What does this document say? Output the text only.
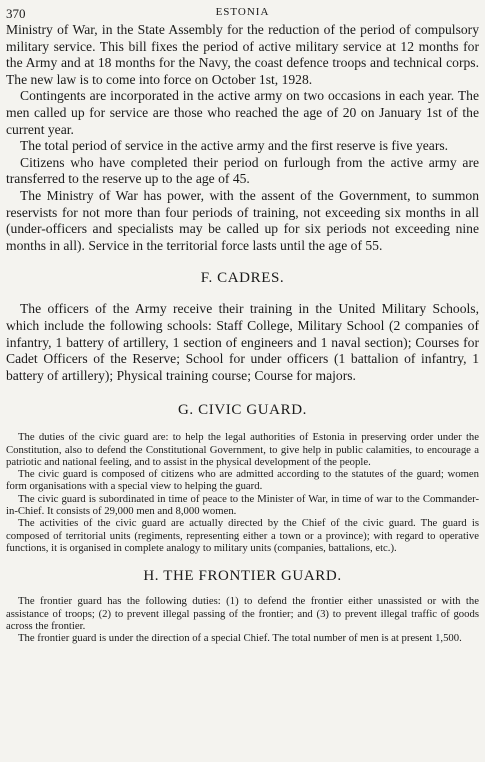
370	ESTONIA

Ministry of War, in the State Assembly for the reduction of the period of compulsory military service. This bill fixes the period of active military service at 12 months for the Army and at 18 months for the Navy, the coast defence troops and technical corps. The new law is to come into force on October 1st, 1928.

Contingents are incorporated in the active army on two occasions in each year. The men called up for service are those who reached the age of 20 on January 1st of the current year.

The total period of service in the active army and the first reserve is five years.

Citizens who have completed their period on furlough from the active army are transferred to the reserve up to the age of 45.

The Ministry of War has power, with the assent of the Government, to summon reservists for not more than four periods of training, not exceeding six months in all (under-officers and specialists may be called up for six periods not exceeding nine months in all). Service in the territorial force lasts until the age of 55.

F. CADRES.

The officers of the Army receive their training in the United Military Schools, which include the following schools: Staff College, Military School (2 companies of infantry, 1 battery of artillery, 1 section of engineers and 1 naval section); Courses for Cadet Officers of the Reserve; School for under officers (1 battalion of infantry, 1 battery of artillery); Physical training course; Course for majors.

G. CIVIC GUARD.

The duties of the civic guard are: to help the legal authorities of Estonia in preserving order under the Constitution, also to defend the Constitutional Government, to give help in public calamities, to encourage a patriotic and national feeling, and to assist in the physical development of the people.

The civic guard is composed of citizens who are admitted according to the statutes of the guard; women form organisations with a special view to helping the guard.

The civic guard is subordinated in time of peace to the Minister of War, in time of war to the Commander-in-Chief. It consists of 29,000 men and 8,000 women.

The activities of the civic guard are actually directed by the Chief of the civic guard. The guard is composed of territorial units (regiments, representing either a town or a province); with regard to operative functions, it is organised in complete analogy to military units (companies, battalions, etc.).

H. THE FRONTIER GUARD.

The frontier guard has the following duties: (1) to defend the frontier either unassisted or with the assistance of troops; (2) to prevent illegal passing of the frontier; and (3) to prevent illegal traffic of goods across the frontier.

The frontier guard is under the direction of a special Chief. The total number of men is at present 1,500.
